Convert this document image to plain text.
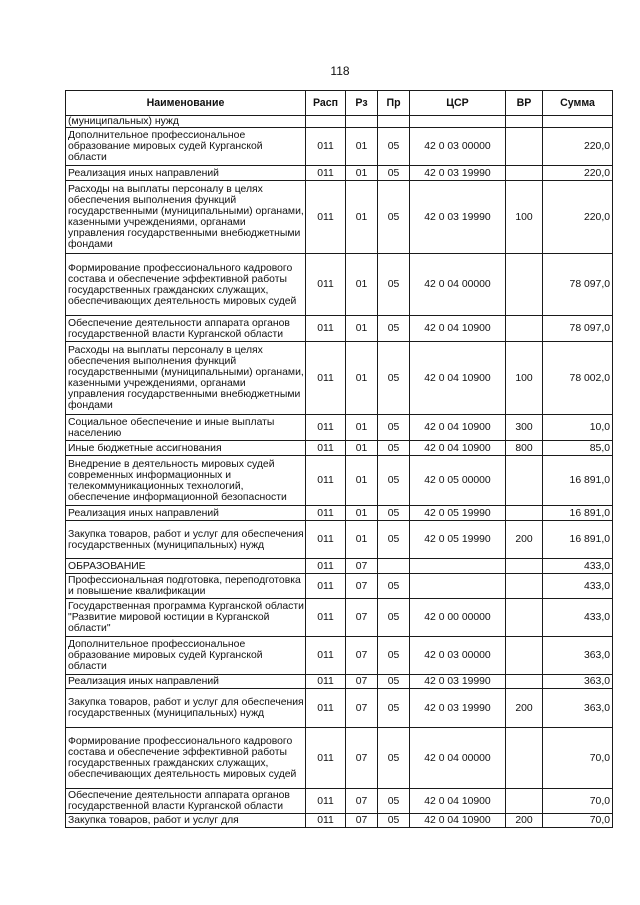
118
Наименование	Расп	Рз	Пр	ЦСР	ВР	Сумма
(муниципальных) нужд						
Дополнительное профессиональное образование мировых судей Курганской области	011	01	05	42 0 03 00000		220,0
Реализация иных направлений	011	01	05	42 0 03 19990		220,0
Расходы на выплаты персоналу в целях обеспечения выполнения функций государственными (муниципальными) органами, казенными учреждениями, органами управления государственными внебюджетными фондами	011	01	05	42 0 03 19990	100	220,0
Формирование профессионального кадрового состава и обеспечение эффективной работы государственных гражданских служащих, обеспечивающих деятельность мировых судей	011	01	05	42 0 04 00000		78 097,0
Обеспечение деятельности аппарата органов государственной власти Курганской области	011	01	05	42 0 04 10900		78 097,0
Расходы на выплаты персоналу в целях обеспечения выполнения функций государственными (муниципальными) органами, казенными учреждениями, органами управления государственными внебюджетными фондами	011	01	05	42 0 04 10900	100	78 002,0
Социальное обеспечение и иные выплаты населению	011	01	05	42 0 04 10900	300	10,0
Иные бюджетные ассигнования	011	01	05	42 0 04 10900	800	85,0
Внедрение в деятельность мировых судей современных информационных и телекоммуникационных технологий, обеспечение информационной безопасности	011	01	05	42 0 05 00000		16 891,0
Реализация иных направлений	011	01	05	42 0 05 19990		16 891,0
Закупка товаров, работ и услуг для обеспечения государственных (муниципальных) нужд	011	01	05	42 0 05 19990	200	16 891,0
ОБРАЗОВАНИЕ	011	07				433,0
Профессиональная подготовка, переподготовка и повышение квалификации	011	07	05			433,0
Государственная программа Курганской области "Развитие мировой юстиции в Курганской области"	011	07	05	42 0 00 00000		433,0
Дополнительное профессиональное образование мировых судей Курганской области	011	07	05	42 0 03 00000		363,0
Реализация иных направлений	011	07	05	42 0 03 19990		363,0
Закупка товаров, работ и услуг для обеспечения государственных (муниципальных) нужд	011	07	05	42 0 03 19990	200	363,0
Формирование профессионального кадрового состава и обеспечение эффективной работы государственных гражданских служащих, обеспечивающих деятельность мировых судей	011	07	05	42 0 04 00000		70,0
Обеспечение деятельности аппарата органов государственной власти Курганской области	011	07	05	42 0 04 10900		70,0
Закупка товаров, работ и услуг для	011	07	05	42 0 04 10900	200	70,0
